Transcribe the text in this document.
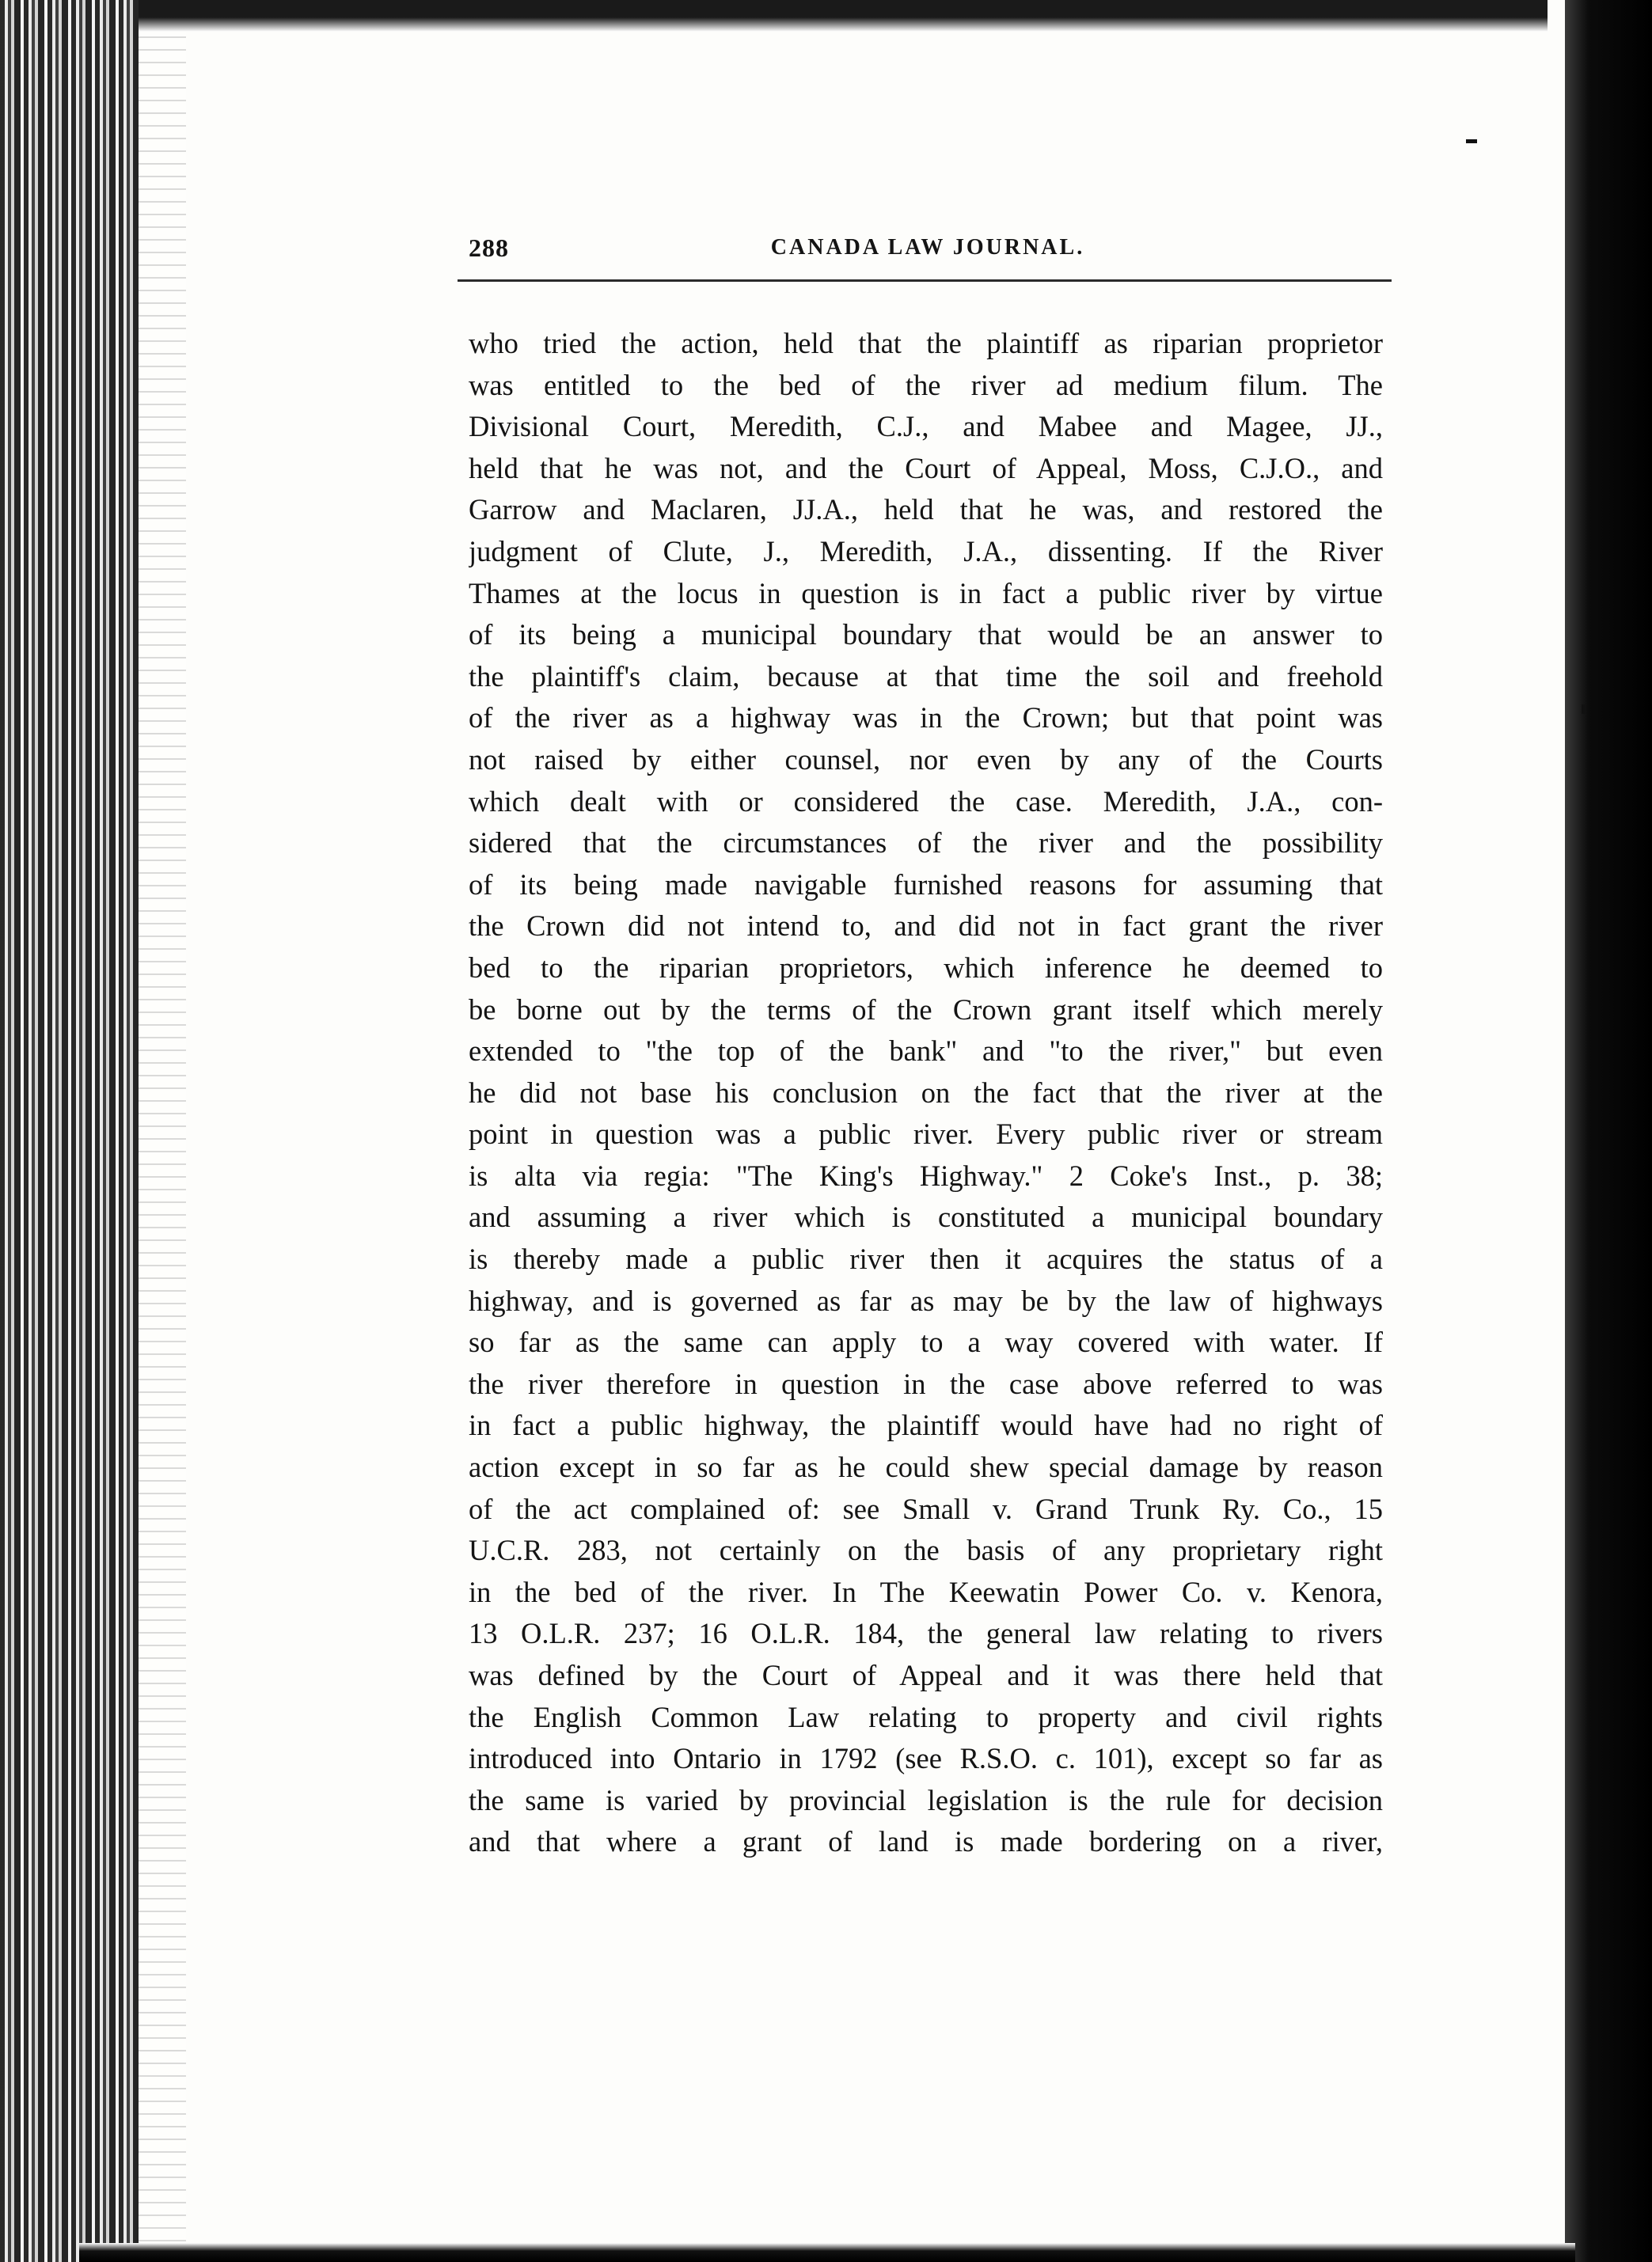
288	CANADA LAW JOURNAL.
who tried the action, held that the plaintiff as riparian proprietor
was entitled to the bed of the river ad medium filum. The
Divisional Court, Meredith, C.J., and Mabee and Magee, JJ.,
held that he was not, and the Court of Appeal, Moss, C.J.O., and
Garrow and Maclaren, JJ.A., held that he was, and restored the
judgment of Clute, J., Meredith, J.A., dissenting. If the River
Thames at the locus in question is in fact a public river by virtue
of its being a municipal boundary that would be an answer to
the plaintiff's claim, because at that time the soil and freehold
of the river as a highway was in the Crown; but that point was
not raised by either counsel, nor even by any of the Courts
which dealt with or considered the case. Meredith, J.A., con-
sidered that the circumstances of the river and the possibility
of its being made navigable furnished reasons for assuming that
the Crown did not intend to, and did not in fact grant the river
bed to the riparian proprietors, which inference he deemed to
be borne out by the terms of the Crown grant itself which merely
extended to "the top of the bank" and "to the river," but even
he did not base his conclusion on the fact that the river at the
point in question was a public river. Every public river or stream
is alta via regia: "The King's Highway." 2 Coke's Inst., p. 38;
and assuming a river which is constituted a municipal boundary
is thereby made a public river then it acquires the status of a
highway, and is governed as far as may be by the law of highways
so far as the same can apply to a way covered with water. If
the river therefore in question in the case above referred to was
in fact a public highway, the plaintiff would have had no right of
action except in so far as he could shew special damage by reason
of the act complained of: see Small v. Grand Trunk Ry. Co., 15
U.C.R. 283, not certainly on the basis of any proprietary right
in the bed of the river. In The Keewatin Power Co. v. Kenora,
13 O.L.R. 237; 16 O.L.R. 184, the general law relating to rivers
was defined by the Court of Appeal and it was there held that
the English Common Law relating to property and civil rights
introduced into Ontario in 1792 (see R.S.O. c. 101), except so far as
the same is varied by provincial legislation is the rule for decision
and that where a grant of land is made bordering on a river,
